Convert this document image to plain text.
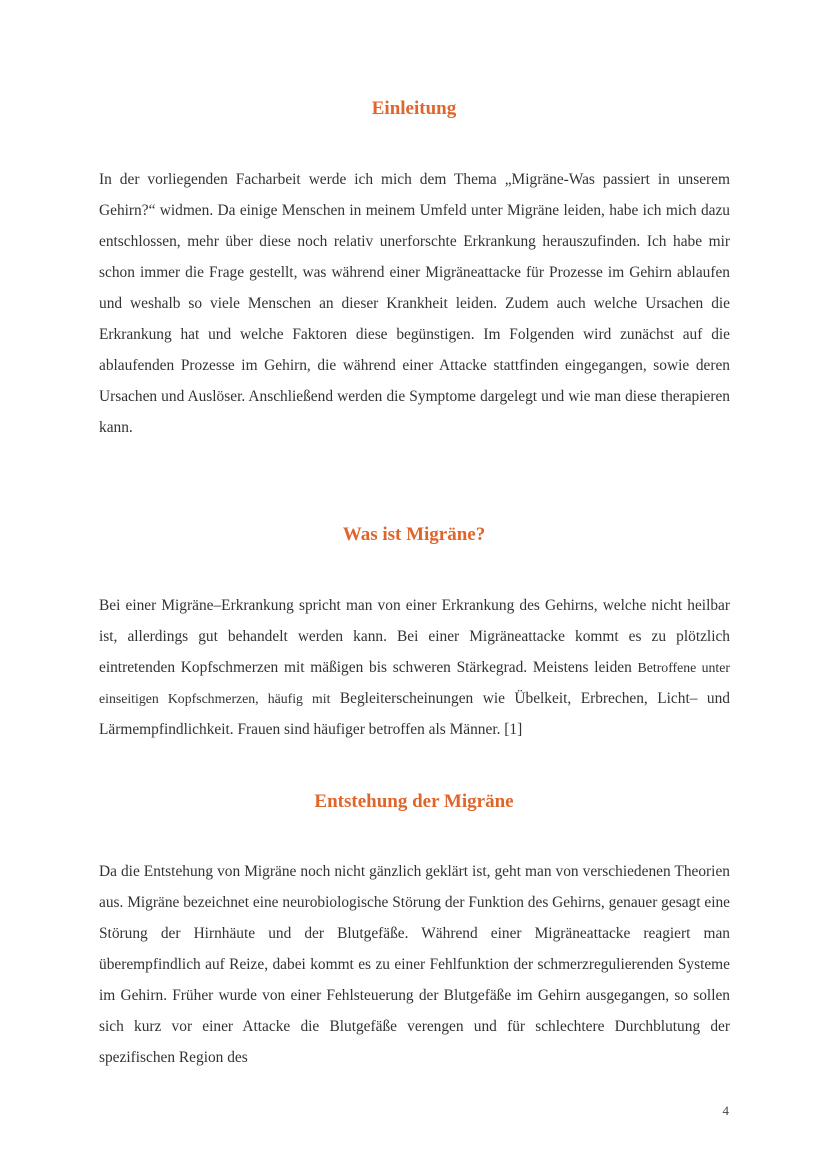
Einleitung

In der vorliegenden Facharbeit werde ich mich dem Thema „Migräne-Was passiert in unserem Gehirn?“ widmen. Da einige Menschen in meinem Umfeld unter Migräne leiden, habe ich mich dazu entschlossen, mehr über diese noch relativ unerforschte Erkrankung herauszufinden. Ich habe mir schon immer die Frage gestellt, was während einer Migräneattacke für Prozesse im Gehirn ablaufen und weshalb so viele Menschen an dieser Krankheit leiden. Zudem auch welche Ursachen die Erkrankung hat und welche Faktoren diese begünstigen. Im Folgenden wird zunächst auf die ablaufenden Prozesse im Gehirn, die während einer Attacke stattfinden eingegangen, sowie deren Ursachen und Auslöser. Anschließend werden die Symptome dargelegt und wie man diese therapieren kann.

Was ist Migräne?

Bei einer Migräne–Erkrankung spricht man von einer Erkrankung des Gehirns, welche nicht heilbar ist, allerdings gut behandelt werden kann. Bei einer Migräneattacke kommt es zu plötzlich eintretenden Kopfschmerzen mit mäßigen bis schweren Stärkegrad. Meistens leiden Betroffene unter einseitigen Kopfschmerzen, häufig mit Begleiterscheinungen wie Übelkeit, Erbrechen, Licht– und Lärmempfindlichkeit. Frauen sind häufiger betroffen als Männer. [1]

Entstehung der Migräne

Da die Entstehung von Migräne noch nicht gänzlich geklärt ist, geht man von verschiedenen Theorien aus. Migräne bezeichnet eine neurobiologische Störung der Funktion des Gehirns, genauer gesagt eine Störung der Hirnhäute und der Blutgefäße. Während einer Migräneattacke reagiert man überempfindlich auf Reize, dabei kommt es zu einer Fehlfunktion der schmerzregulierenden Systeme im Gehirn. Früher wurde von einer Fehlsteuerung der Blutgefäße im Gehirn ausgegangen, so sollen sich kurz vor einer Attacke die Blutgefäße verengen und für schlechtere Durchblutung der spezifischen Region des

4
